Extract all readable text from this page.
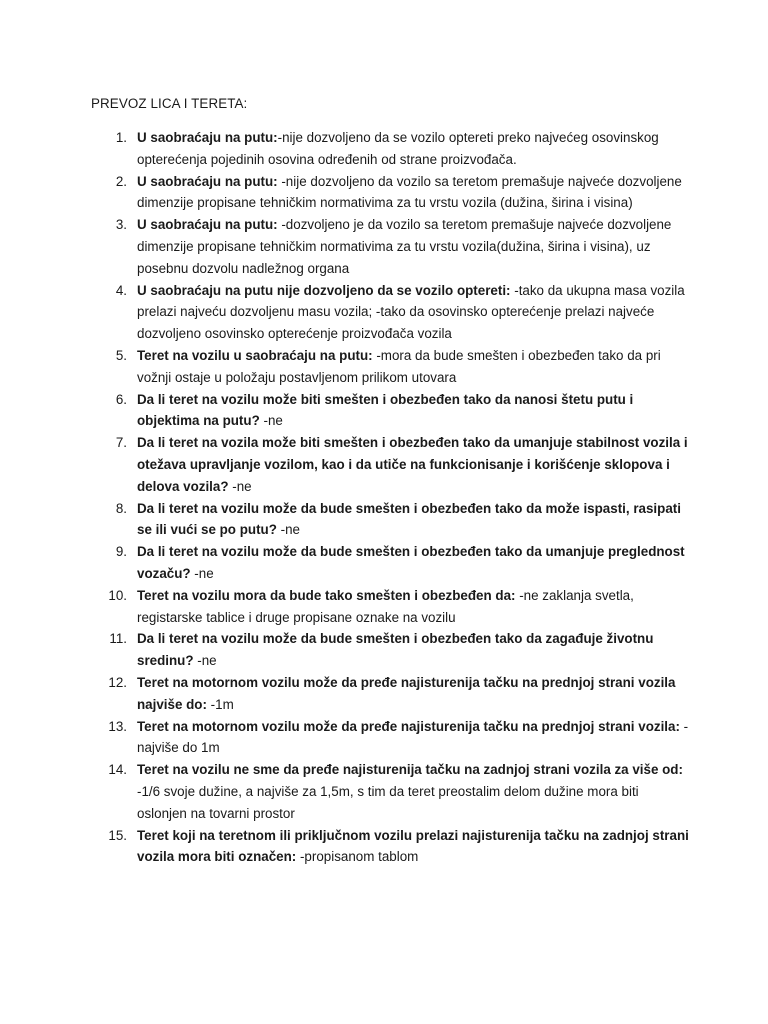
PREVOZ LICA I TERETA:
1. U saobraćaju na putu:-nije dozvoljeno da se vozilo optereti preko najvećeg osovinskog opterećenja pojedinih osovina određenih od strane proizvođača.
2. U saobraćaju na putu: -nije dozvoljeno da vozilo sa teretom premašuje najveće dozvoljene dimenzije propisane tehničkim normativima za tu vrstu vozila (dužina, širina i visina)
3. U saobraćaju na putu: -dozvoljeno je da vozilo sa teretom premašuje najveće dozvoljene dimenzije propisane tehničkim normativima za tu vrstu vozila(dužina, širina i visina), uz posebnu dozvolu nadležnog organa
4. U saobraćaju na putu nije dozvoljeno da se vozilo optereti: -tako da ukupna masa vozila prelazi najveću dozvoljenu masu vozila; -tako da osovinsko opterećenje prelazi najveće dozvoljeno osovinsko opterećenje proizvođača vozila
5. Teret na vozilu u saobraćaju na putu: -mora da bude smešten i obezbeđen tako da pri vožnji ostaje u položaju postavljenom prilikom utovara
6. Da li teret na vozilu može biti smešten i obezbeđen tako da nanosi štetu putu i objektima na putu? -ne
7. Da li teret na vozila može biti smešten i obezbeđen tako da umanjuje stabilnost vozila i otežava upravljanje vozilom, kao i da utiče na funkcionisanje i korišćenje sklopova i delova vozila? -ne
8. Da li teret na vozilu može da bude smešten i obezbeđen tako da može ispasti, rasipati se ili vući se po putu? -ne
9. Da li teret na vozilu može da bude smešten i obezbeđen tako da umanjuje preglednost vozaču? -ne
10. Teret na vozilu mora da bude tako smešten i obezbeđen da: -ne zaklanja svetla, registarske tablice i druge propisane oznake na vozilu
11. Da li teret na vozilu može da bude smešten i obezbeđen tako da zagađuje životnu sredinu? -ne
12. Teret na motornom vozilu može da pređe najisturenija tačku na prednjoj strani vozila najviše do: -1m
13. Teret na motornom vozilu može da pređe najisturenija tačku na prednjoj strani vozila: -najviše do 1m
14. Teret na vozilu ne sme da pređe najisturenija tačku na zadnjoj strani vozila za više od: -1/6 svoje dužine, a najviše za 1,5m, s tim da teret preostalim delom dužine mora biti oslonjen na tovarni prostor
15. Teret koji na teretnom ili priključnom vozilu prelazi najisturenija tačku na zadnjoj strani vozila mora biti označen: -propisanom tablom
